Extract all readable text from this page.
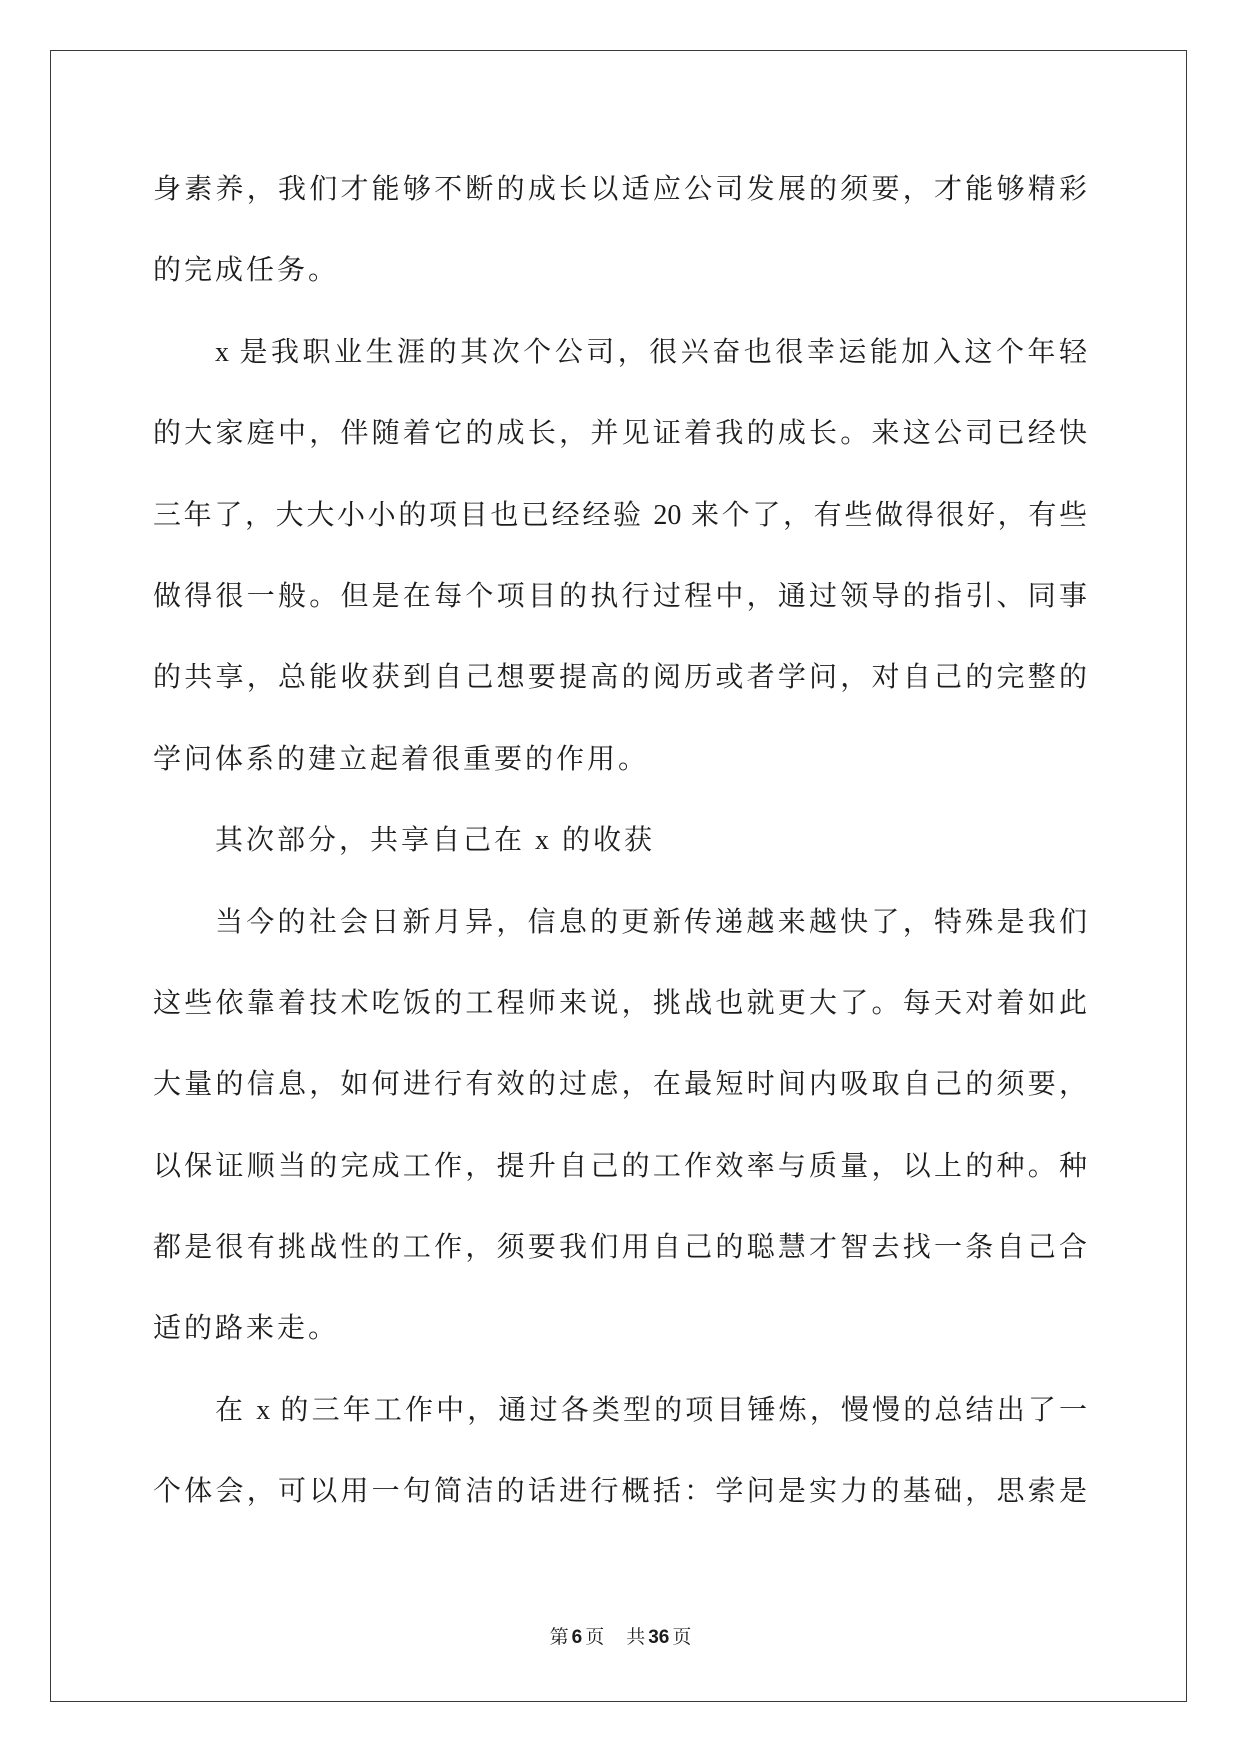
身素养，我们才能够不断的成长以适应公司发展的须要，才能够精彩
的完成任务。
x 是我职业生涯的其次个公司，很兴奋也很幸运能加入这个年轻
的大家庭中，伴随着它的成长，并见证着我的成长。来这公司已经快
三年了，大大小小的项目也已经经验 20 来个了，有些做得很好，有些
做得很一般。但是在每个项目的执行过程中，通过领导的指引、同事
的共享，总能收获到自己想要提高的阅历或者学问，对自己的完整的
学问体系的建立起着很重要的作用。
其次部分，共享自己在 x 的收获
当今的社会日新月异，信息的更新传递越来越快了，特殊是我们
这些依靠着技术吃饭的工程师来说，挑战也就更大了。每天对着如此
大量的信息，如何进行有效的过虑，在最短时间内吸取自己的须要，
以保证顺当的完成工作，提升自己的工作效率与质量，以上的种。种
都是很有挑战性的工作，须要我们用自己的聪慧才智去找一条自己合
适的路来走。
在 x 的三年工作中，通过各类型的项目锤炼，慢慢的总结出了一
个体会，可以用一句简洁的话进行概括：学问是实力的基础，思索是
第 6 页 共 36 页
